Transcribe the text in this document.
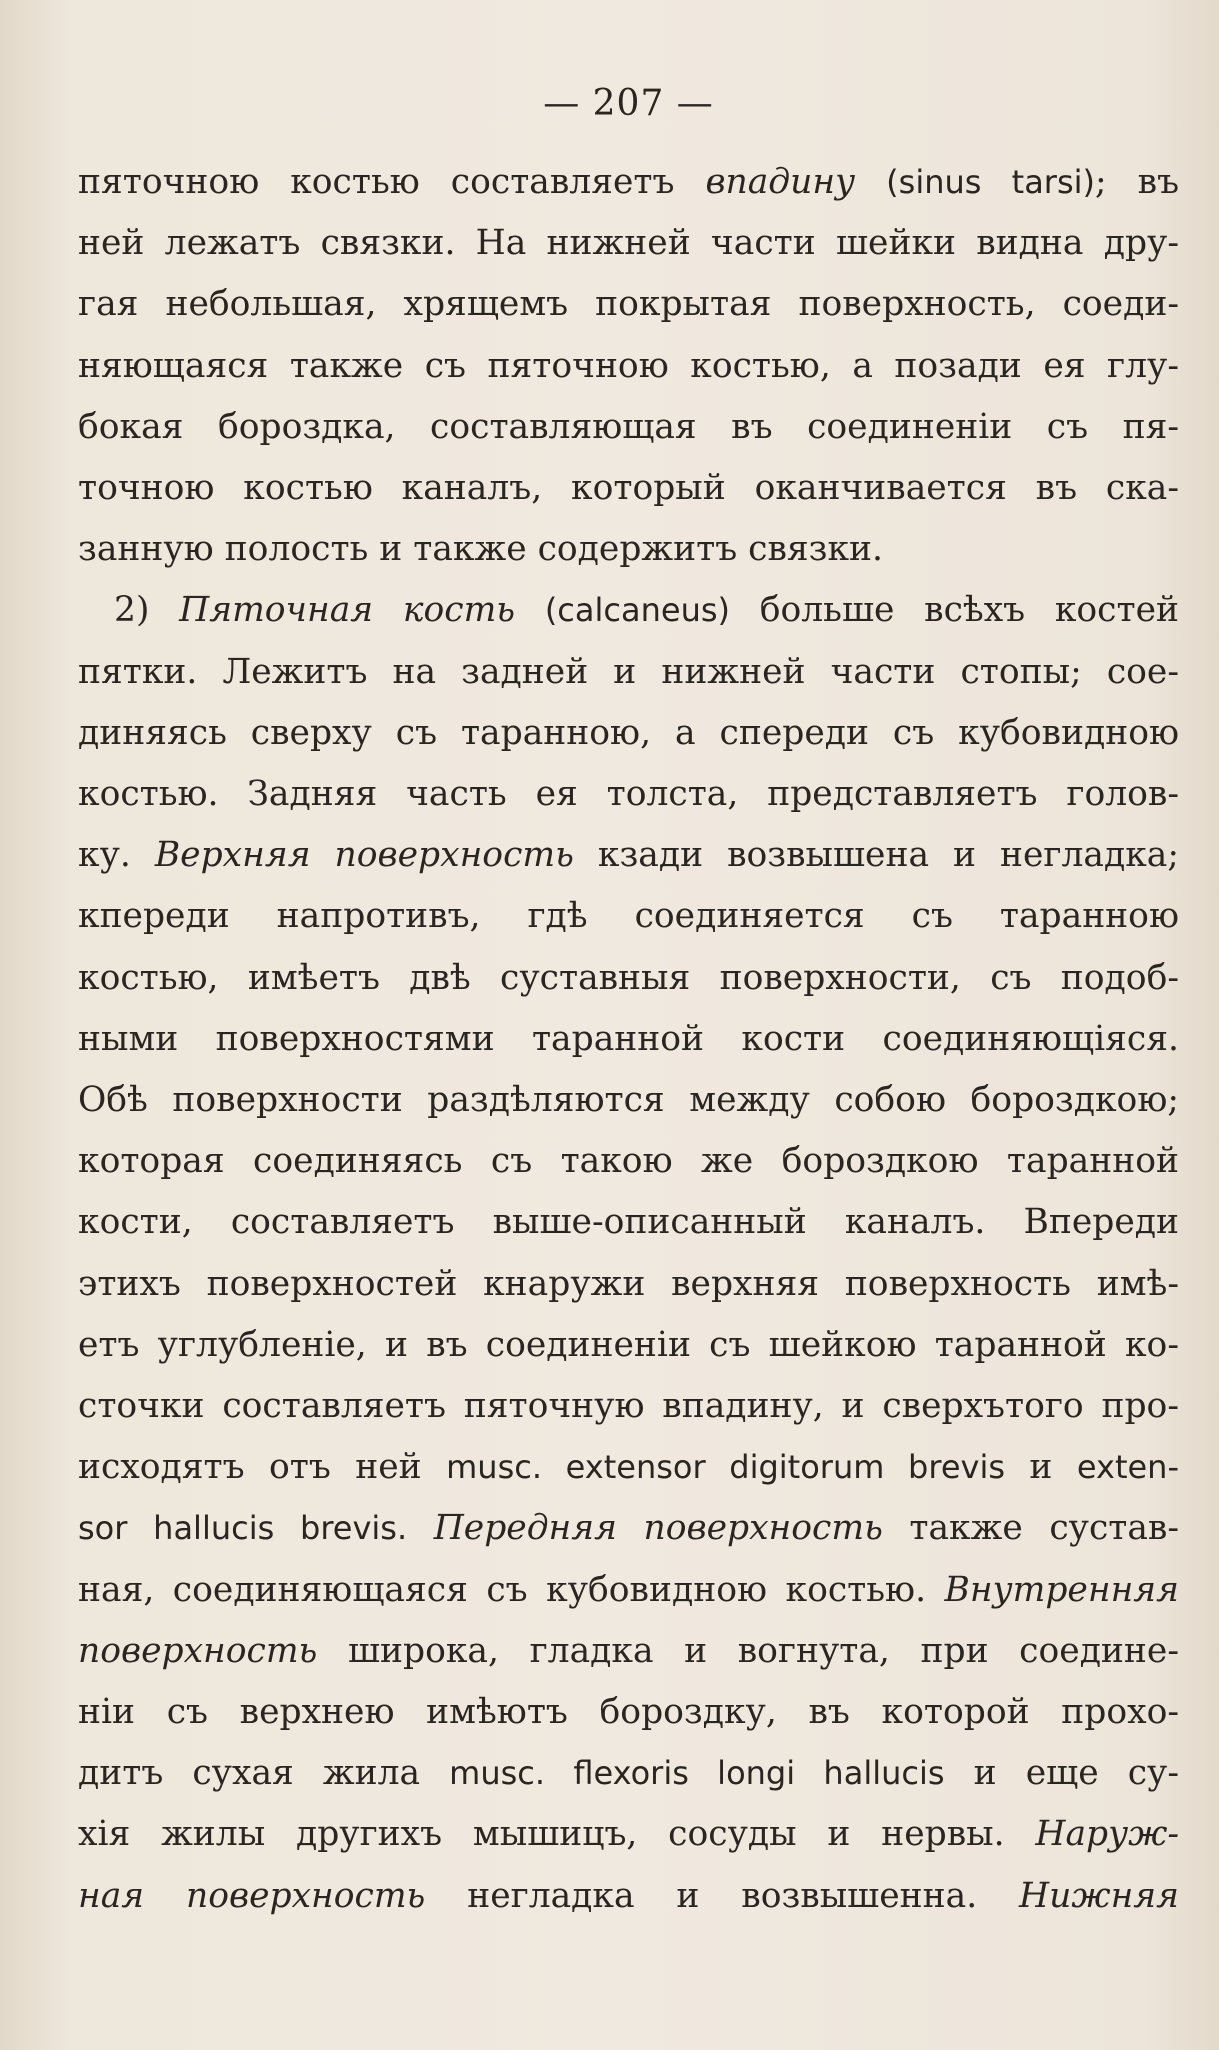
— 207 —
пяточною костью составляетъ впадину (sinus tarsi); въ
ней лежатъ связки. На нижней части шейки видна дру-
гая небольшая, хрящемъ покрытая поверхность, соеди-
няющаяся также съ пяточною костью, а позади ея глу-
бокая бороздка, составляющая въ соединеніи съ пя-
точною костью каналъ, который оканчивается въ ска-
занную полость и также содержитъ связки.
2) Пяточная кость (calcaneus) больше всѣхъ костей
пятки. Лежитъ на задней и нижней части стопы; сое-
диняясь сверху съ таранною, а спереди съ кубовидною
костью. Задняя часть ея толста, представляетъ голов-
ку. Верхняя поверхность кзади возвышена и негладка;
кпереди напротивъ, гдѣ соединяется съ таранною
костью, имѣетъ двѣ суставныя поверхности, съ подоб-
ными поверхностями таранной кости соединяющіяся.
Обѣ поверхности раздѣляются между собою бороздкою;
которая соединяясь съ такою же бороздкою таранной
кости, составляетъ выше-описанный каналъ. Впереди
этихъ поверхностей кнаружи верхняя поверхность имѣ-
етъ углубленіе, и въ соединеніи съ шейкою таранной ко-
сточки составляетъ пяточную впадину, и сверхътого про-
исходятъ отъ ней musc. extensor digitorum brevis и exten-
sor hallucis brevis. Передняя поверхность также сустав-
ная, соединяющаяся съ кубовидною костью. Внутренняя
поверхность широка, гладка и вогнута, при соедине-
ніи съ верхнею имѣютъ бороздку, въ которой прохо-
дитъ сухая жила musc. flexoris longi hallucis и еще су-
хія жилы другихъ мышицъ, сосуды и нервы. Наруж-
ная поверхность негладка и возвышенна. Нижняя
